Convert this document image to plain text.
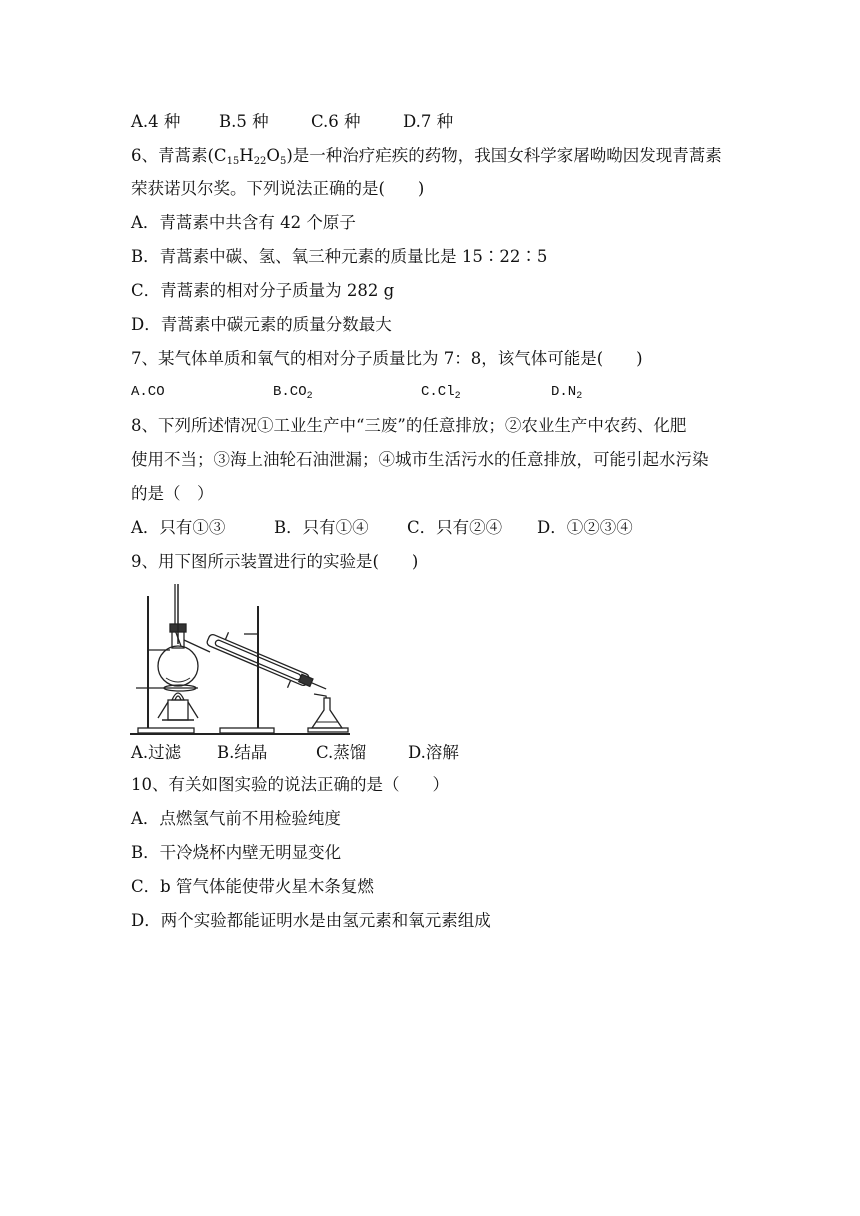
A.4 种 B.5 种	C.6 种	D.7 种
6、青蒿素$(C_{15}H_{22}O_5)$是一种治疗疟疾的药物，我国女科学家屠呦呦因发现青蒿素
荣获诺贝尔奖。下列说法正确的是(　　)
A．青蒿素中共含有 42 个原子
B．青蒿素中碳、氢、氧三种元素的质量比是 15∶22∶5
C．青蒿素的相对分子质量为 282 g
D．青蒿素中碳元素的质量分数最大
7、某气体单质和氧气的相对分子质量比为 7：8，该气体可能是(　　)
A.CO	$B.CO_2$	$C.Cl_2$	$D.N_2$
8、下列所述情况①工业生产中“三废”的任意排放；②农业生产中农药、化肥
使用不当；③海上油轮石油泄漏；④城市生活污水的任意排放，可能引起水污染
的是（　）
A．只有①③	B．只有①④ C．只有②④ D．①②③④
9、用下图所示装置进行的实验是(　　)
A.过滤 B.结晶	C.蒸馏	D.溶解
10、有关如图实验的说法正确的是（　　）
A．点燃氢气前不用检验纯度
B．干冷烧杯内壁无明显变化
C．b 管气体能使带火星木条复燃
D．两个实验都能证明水是由氢元素和氧元素组成
